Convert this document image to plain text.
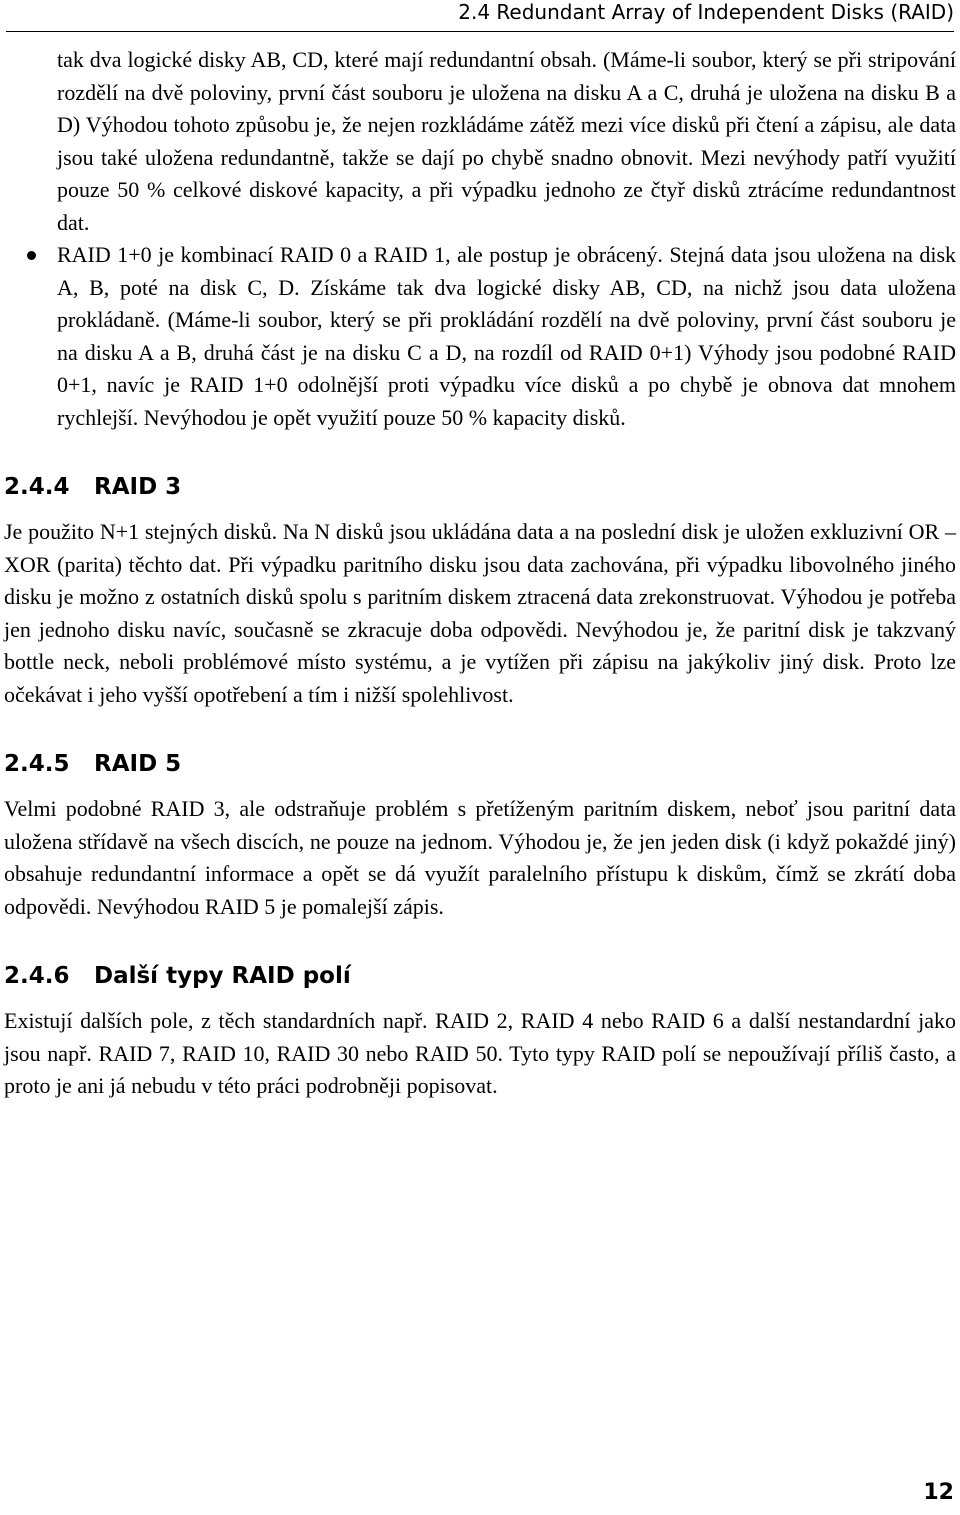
2.4 Redundant Array of Independent Disks (RAID)

tak dva logické disky AB, CD, které mají redundantní obsah. (Máme-li soubor, který se při stripování rozdělí na dvě poloviny, první část souboru je uložena na disku A a C, druhá je uložena na disku B a D) Výhodou tohoto způsobu je, že nejen rozkládáme zátěž mezi více disků při čtení a zápisu, ale data jsou také uložena redundantně, takže se dají po chybě snadno obnovit. Mezi nevýhody patří využití pouze 50 % celkové diskové kapacity, a při výpadku jednoho ze čtyř disků ztrácíme redundantnost dat.

RAID 1+0 je kombinací RAID 0 a RAID 1, ale postup je obrácený. Stejná data jsou uložena na disk A, B, poté na disk C, D. Získáme tak dva logické disky AB, CD, na nichž jsou data uložena prokládaně. (Máme-li soubor, který se při prokládání rozdělí na dvě poloviny, první část souboru je na disku A a B, druhá část je na disku C a D, na rozdíl od RAID 0+1) Výhody jsou podobné RAID 0+1, navíc je RAID 1+0 odolnější proti výpadku více disků a po chybě je obnova dat mnohem rychlejší. Nevýhodou je opět využití pouze 50 % kapacity disků.

2.4.4 RAID 3

Je použito N+1 stejných disků. Na N disků jsou ukládána data a na poslední disk je uložen exkluzivní OR – XOR (parita) těchto dat. Při výpadku paritního disku jsou data zachována, při výpadku libovolného jiného disku je možno z ostatních disků spolu s paritním diskem ztracená data zrekonstruovat. Výhodou je potřeba jen jednoho disku navíc, současně se zkracuje doba odpovědi. Nevýhodou je, že paritní disk je takzvaný bottle neck, neboli problémové místo systému, a je vytížen při zápisu na jakýkoliv jiný disk. Proto lze očekávat i jeho vyšší opotřebení a tím i nižší spolehlivost.

2.4.5 RAID 5

Velmi podobné RAID 3, ale odstraňuje problém s přetíženým paritním diskem, neboť jsou paritní data uložena střídavě na všech discích, ne pouze na jednom. Výhodou je, že jen jeden disk (i když pokaždé jiný) obsahuje redundantní informace a opět se dá využít paralelního přístupu k diskům, čímž se zkrátí doba odpovědi. Nevýhodou RAID 5 je pomalejší zápis.

2.4.6 Další typy RAID polí

Existují dalších pole, z těch standardních např. RAID 2, RAID 4 nebo RAID 6 a další nestandardní jako jsou např. RAID 7, RAID 10, RAID 30 nebo RAID 50. Tyto typy RAID polí se nepoužívají příliš často, a proto je ani já nebudu v této práci podrobněji popisovat.

12
